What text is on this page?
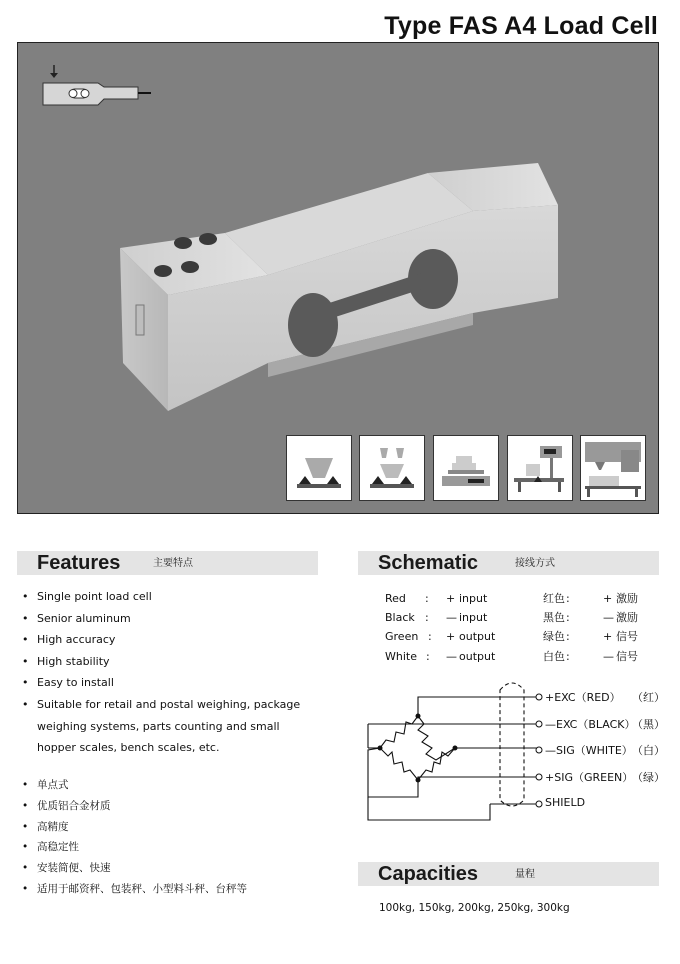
Type FAS A4 Load Cell
Features	主要特点
• Single point load cell
• Senior aluminum
• High accuracy
• High stability
• Easy to install
• Suitable for retail and postal weighing, package
weighing systems, parts counting and small
hopper scales, bench scales, etc.
• 单点式
• 优质铝合金材质
• 高精度
• 高稳定性
• 安装简便、快速
• 适用于邮资秤、包装秤、小型料斗秤、台秤等
Schematic	接线方式
Red : + input	红色 :	+ 激励
Black : — input	黑色 :	— 激励
Green : + output	绿色 :	+ 信号
White : — output	白色 :	— 信号
+EXC（RED） （红）
—EXC（BLACK）
（黑）
—SIG（WHITE） （白）
+SIG（GREEN）
（绿）
SHIELD
Capacities	量程
100kg, 150kg, 200kg, 250kg, 300kg
